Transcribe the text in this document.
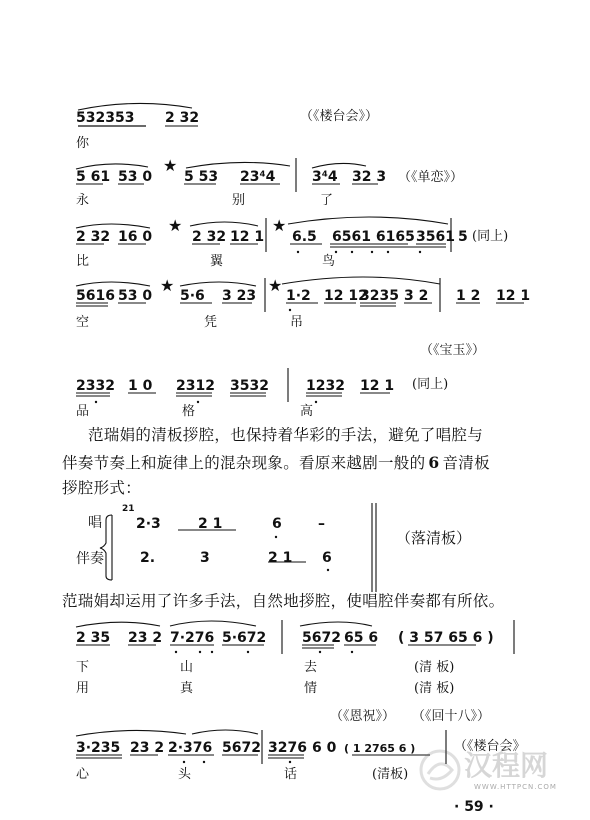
532353 2 32	（《楼台会》）
你
5 61 53 0
★
5 53 23⁴4	3⁴4 32 3 （《单恋》）
永	别	了
2 32 16 0
★
2 32 12 1
★
6.5 6561 6165 3561 5 (同上)
比	翼	鸟
5616 53 0
★
5·6 3 23
★
1·2 12 12
3235 3 2 1 2 12 1
空	凭	吊
（《宝玉》）
2332 1 0 2312 3532	1232 12 1 (同上)
品	格	高
范瑞娟的清板拶腔，也保持着华彩的手法，避免了唱腔与
伴奏节奏上和旋律上的混杂现象。看原来越剧一般的 6 音清板
拶腔形式：
唱
伴奏
21
2·3	2 1	6	–
2.	3	2 1 6
（落清板）
范瑞娟却运用了许多手法，自然地拶腔，使唱腔伴奏都有所依。
2 35 23 2 7·276 5·672	5672 65 6 ( 3 57 65 6 )
下	山	去	(清 板)
用	真	情	(清 板)
（《恩祝》） （《回十八》）
3·235 23 2 2·376 5672 3276 6 0 ( 1 2765 6 )	（《楼台会》
心	头	话	(清板) 汉程网
WWW.HTTPCN.COM
· 59 ·
